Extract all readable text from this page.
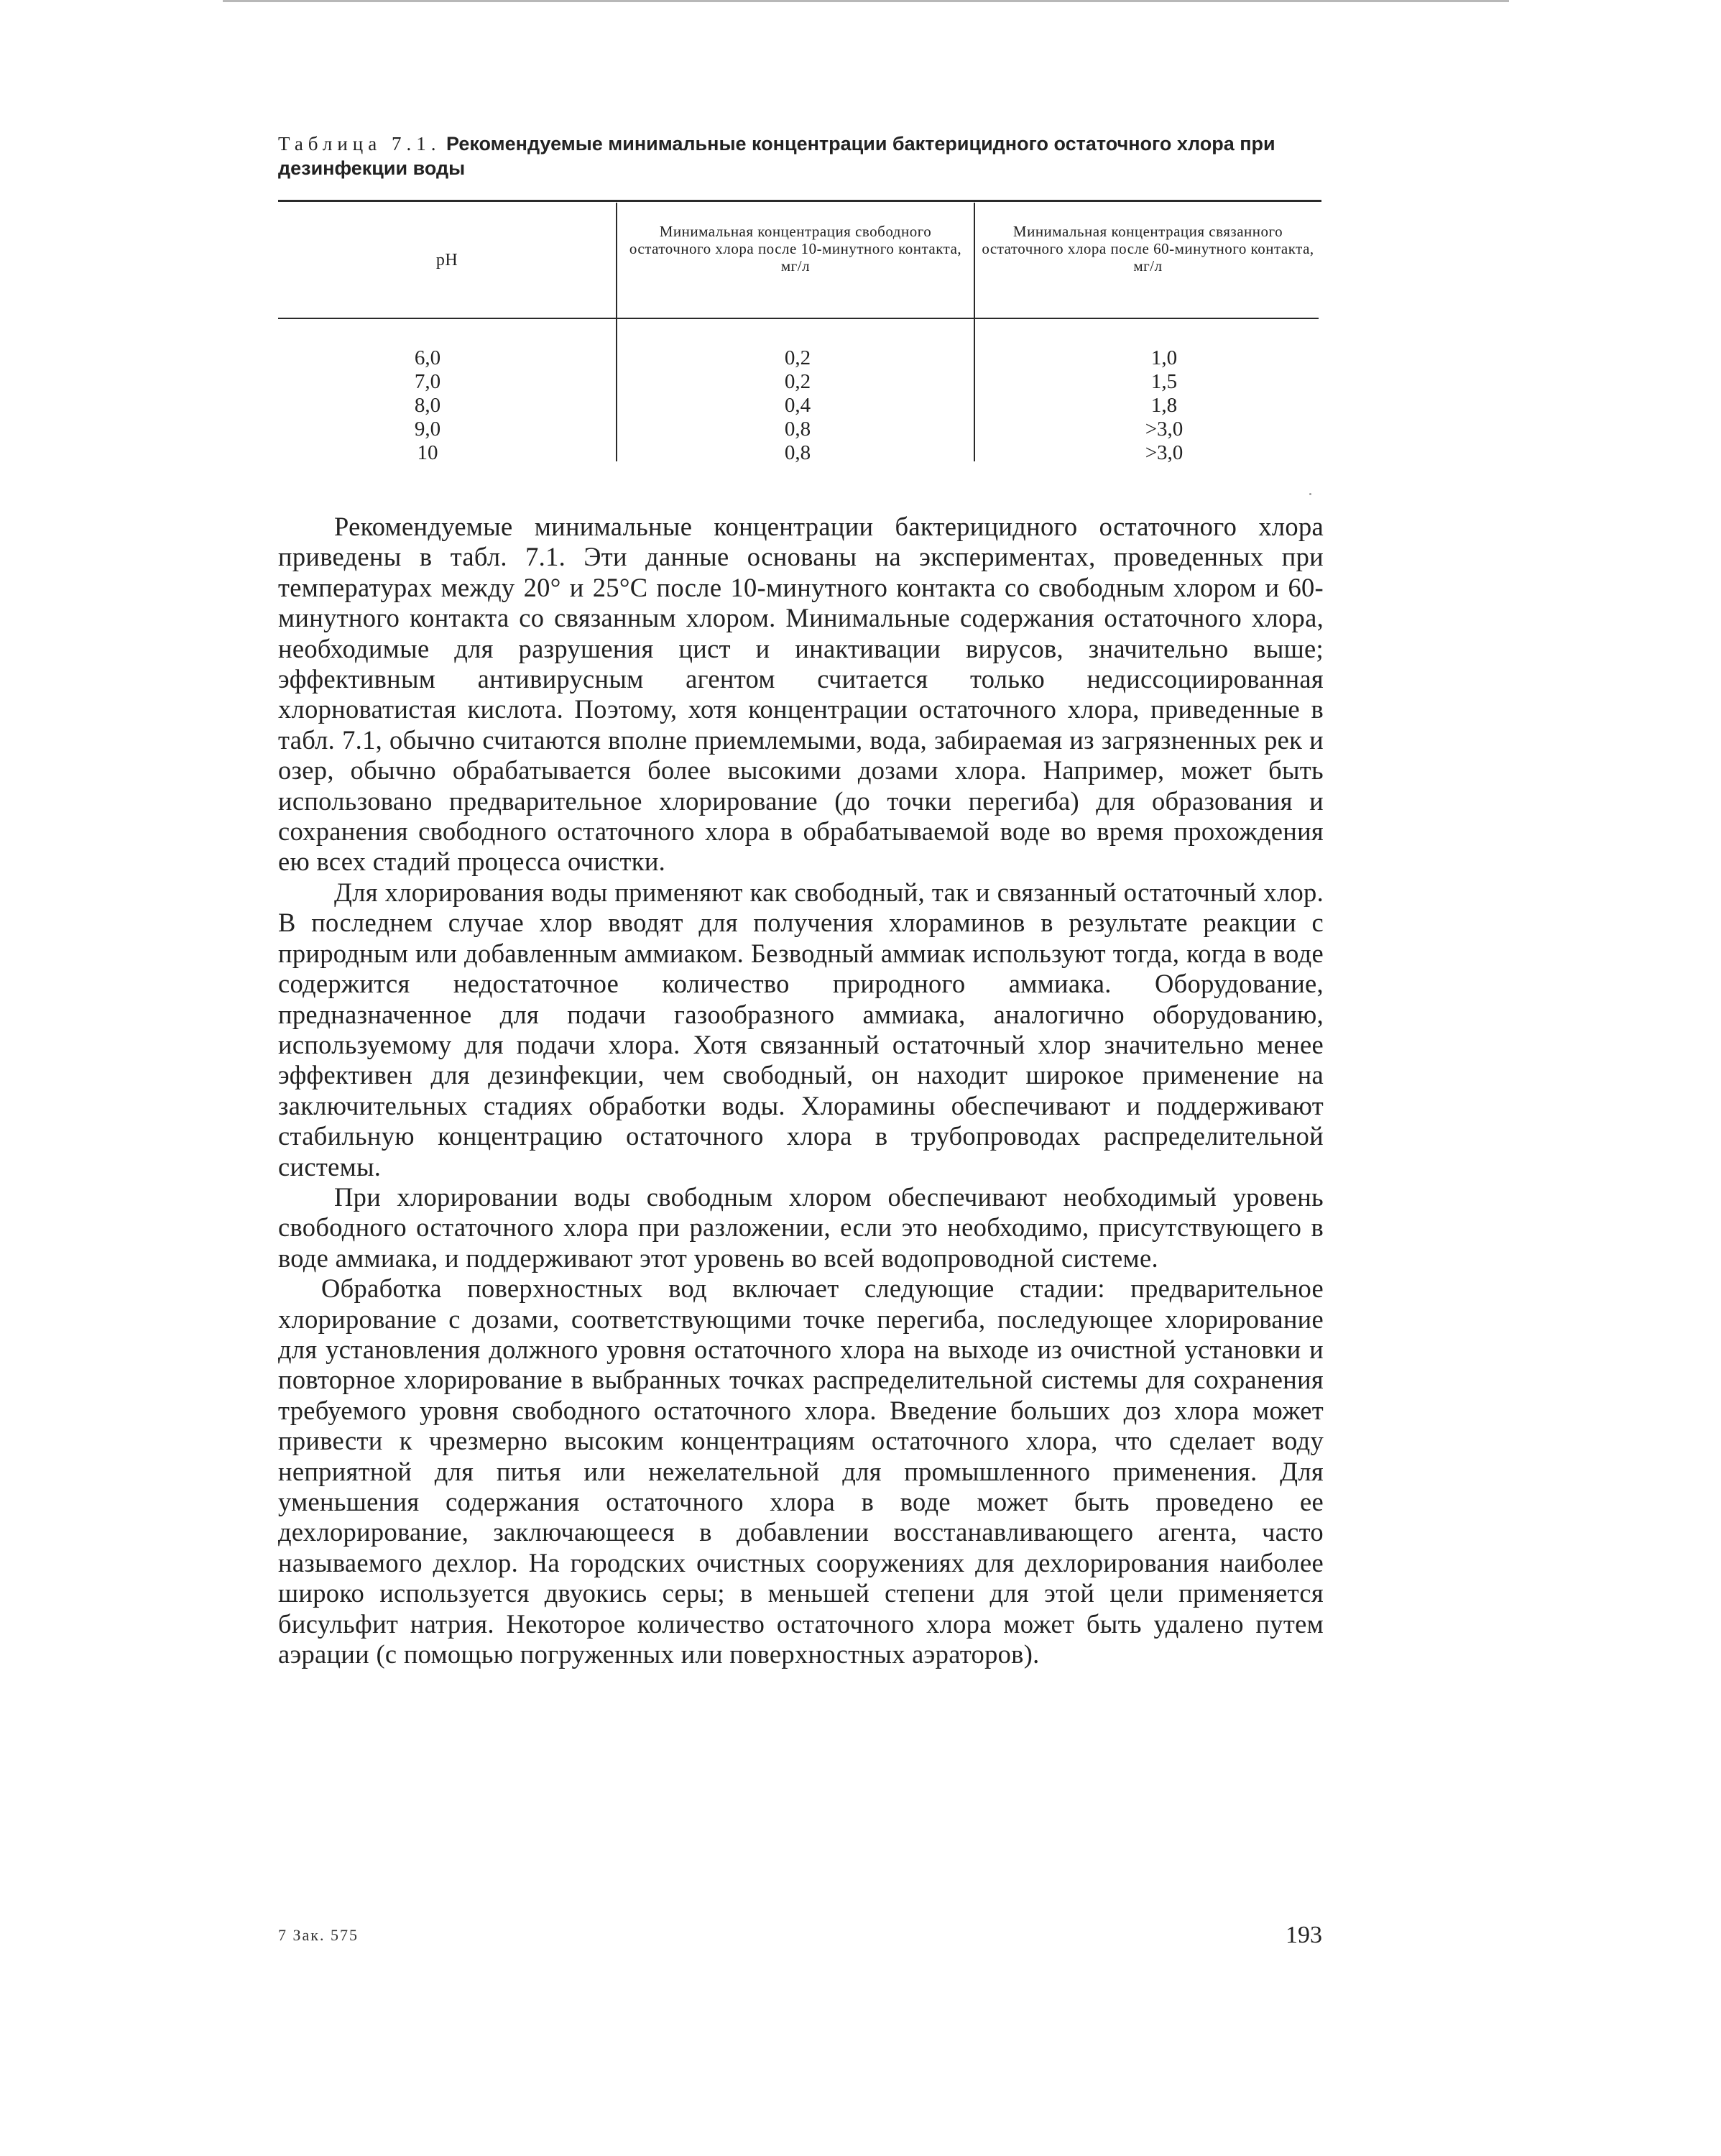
Таблица 7.1. Рекомендуемые минимальные концентрации бактерицидного остаточного хлора при дезинфекции воды
pH
Минимальная концентрация свободного остаточного хлора после 10-минутного контакта, мг/л
Минимальная концентрация связанного остаточного хлора после 60-минутного контакта, мг/л
6,0
7,0
8,0
9,0
10
0,2
0,2
0,4
0,8
0,8
1,0
1,5
1,8
>3,0
>3,0

Рекомендуемые минимальные концентрации бактерицидного остаточного хлора приведены в табл. 7.1. Эти данные основаны на экспериментах, проведенных при температурах между 20° и 25°С после 10-минутного контакта со свободным хлором и 60-минутного контакта со связанным хлором. Минимальные содержания остаточного хлора, необходимые для разрушения цист и инактивации вирусов, значительно выше; эффективным антивирусным агентом считается только недиссоциированная хлорноватистая кислота. Поэтому, хотя концентрации остаточного хлора, приведенные в табл. 7.1, обычно считаются вполне приемлемыми, вода, забираемая из загрязненных рек и озер, обычно обрабатывается более высокими дозами хлора. Например, может быть использовано предварительное хлорирование (до точки перегиба) для образования и сохранения свободного остаточного хлора в обрабатываемой воде во время прохождения ею всех стадий процесса очистки.

Для хлорирования воды применяют как свободный, так и связанный остаточный хлор. В последнем случае хлор вводят для получения хлораминов в результате реакции с природным или добавленным аммиаком. Безводный аммиак используют тогда, когда в воде содержится недостаточное количество природного аммиака. Оборудование, предназначенное для подачи газообразного аммиака, аналогично оборудованию, используемому для подачи хлора. Хотя связанный остаточный хлор значительно менее эффективен для дезинфекции, чем свободный, он находит широкое применение на заключительных стадиях обработки воды. Хлорамины обеспечивают и поддерживают стабильную концентрацию остаточного хлора в трубопроводах распределительной системы.

При хлорировании воды свободным хлором обеспечивают необходимый уровень свободного остаточного хлора при разложении, если это необходимо, присутствующего в воде аммиака, и поддерживают этот уровень во всей водопроводной системе.

Обработка поверхностных вод включает следующие стадии: предварительное хлорирование с дозами, соответствующими точке перегиба, последующее хлорирование для установления должного уровня остаточного хлора на выходе из очистной установки и повторное хлорирование в выбранных точках распределительной системы для сохранения требуемого уровня свободного остаточного хлора. Введение больших доз хлора может привести к чрезмерно высоким концентрациям остаточного хлора, что сделает воду неприятной для питья или нежелательной для промышленного применения. Для уменьшения содержания остаточного хлора в воде может быть проведено ее дехлорирование, заключающееся в добавлении восстанавливающего агента, часто называемого дехлор. На городских очистных сооружениях для дехлорирования наиболее широко используется двуокись серы; в меньшей степени для этой цели применяется бисульфит натрия. Некоторое количество остаточного хлора может быть удалено путем аэрации (с помощью погруженных или поверхностных аэраторов).

7 Зак. 575	193
